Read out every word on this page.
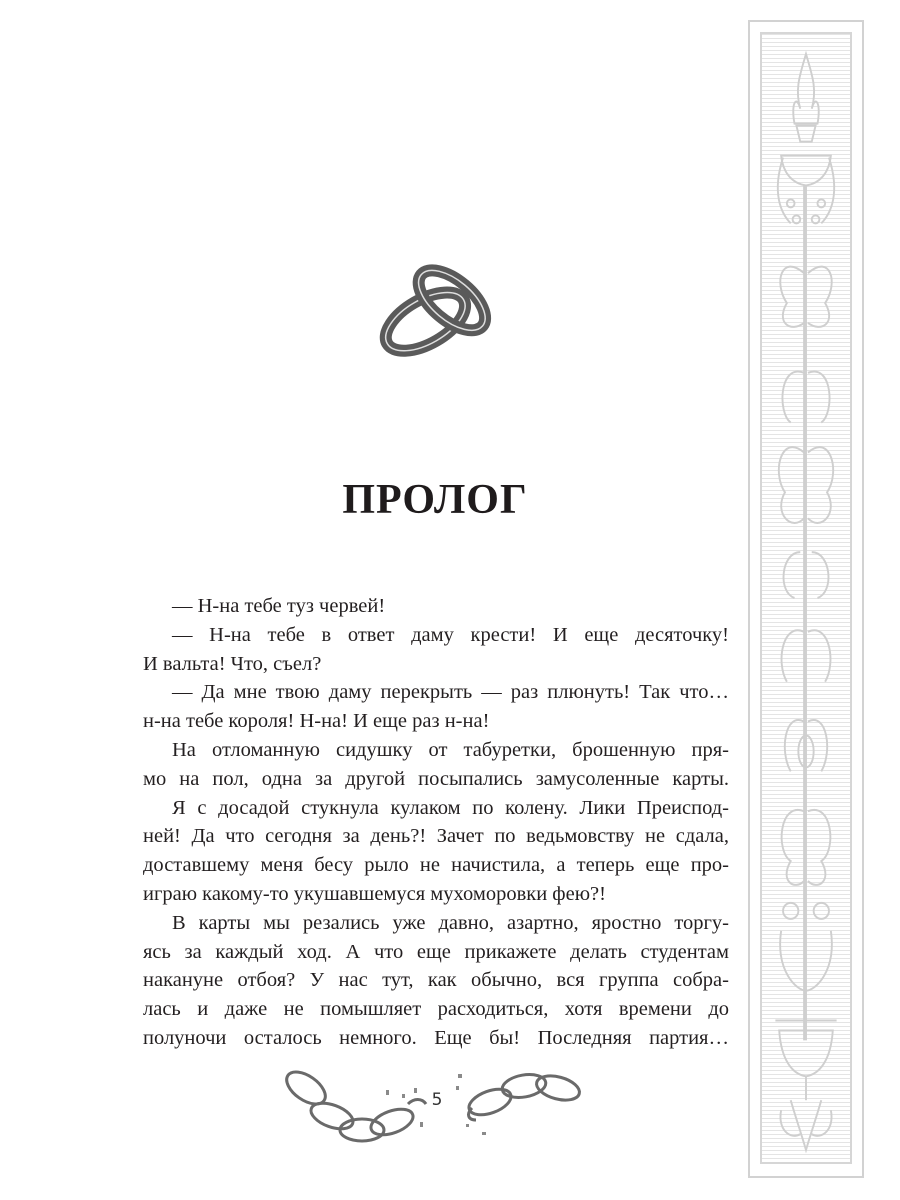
ПРОЛОГ
— Н-на тебе туз червей!
— Н-на тебе в ответ даму крести! И еще десяточку!
И вальта! Что, съел?
— Да мне твою даму перекрыть — раз плюнуть! Так что…
н-на тебе короля! Н-на! И еще раз н-на!
На отломанную сидушку от табуретки, брошенную пря-
мо на пол, одна за другой посыпались замусоленные карты.
Я с досадой стукнула кулаком по колену. Лики Преиспод-
ней! Да что сегодня за день?! Зачет по ведьмовству не сдала,
доставшему меня бесу рыло не начистила, а теперь еще про-
играю какому-то укушавшемуся мухоморовки фею?!
В карты мы резались уже давно, азартно, яростно торгу-
ясь за каждый ход. А что еще прикажете делать студентам
накануне отбоя? У нас тут, как обычно, вся группа собра-
лась и даже не помышляет расходиться, хотя времени до
полуночи осталось немного. Еще бы! Последняя партия…
5
